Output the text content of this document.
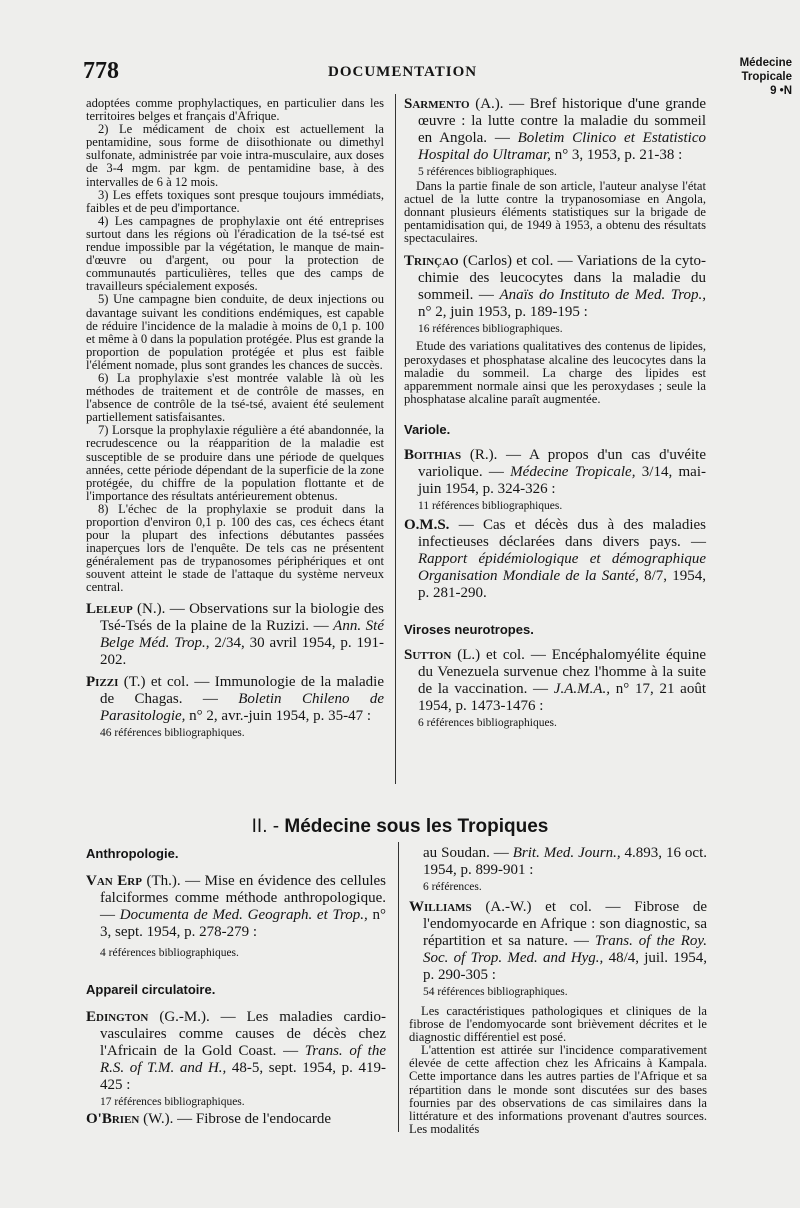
778	DOCUMENTATION
Médecine
Tropicale
9 •N

adoptées comme prophylactiques, en particulier dans les territoires belges et français d'Afrique.

2) Le médicament de choix est actuellement la pentamidine, sous forme de diisothionate ou dimethyl sulfonate, administrée par voie intra-musculaire, aux doses de 3-4 mgm. par kgm. de pentamidine base, à des intervalles de 6 à 12 mois.

3) Les effets toxiques sont presque toujours immédiats, faibles et de peu d'importance.

4) Les campagnes de prophylaxie ont été entreprises surtout dans les régions où l'éradication de la tsé-tsé est rendue impossible par la végétation, le manque de main-d'œuvre ou d'argent, ou pour la protection de communautés particulières, telles que des camps de travailleurs spécialement exposés.

5) Une campagne bien conduite, de deux injections ou davantage suivant les conditions endémiques, est capable de réduire l'incidence de la maladie à moins de 0,1 p. 100 et même à 0 dans la population protégée. Plus est grande la proportion de population protégée et plus est faible l'élément nomade, plus sont grandes les chances de succès.

6) La prophylaxie s'est montrée valable là où les méthodes de traitement et de contrôle de masses, en l'absence de contrôle de la tsé-tsé, avaient été seulement partiellement satisfaisantes.

7) Lorsque la prophylaxie régulière a été abandonnée, la recrudescence ou la réapparition de la maladie est susceptible de se produire dans une période de quelques années, cette période dépendant de la superficie de la zone protégée, du chiffre de la population flottante et de l'importance des résultats antérieurement obtenus.

8) L'échec de la prophylaxie se produit dans la proportion d'environ 0,1 p. 100 des cas, ces échecs étant pour la plupart des infections débutantes passées inaperçues lors de l'enquête. De tels cas ne présentent généralement pas de trypanosomes périphériques et ont souvent atteint le stade de l'attaque du système nerveux central.

Leleup (N.). — Observations sur la biologie des Tsé-Tsés de la plaine de la Ruzizi. — Ann. Sté Belge Méd. Trop., 2/34, 30 avril 1954, p. 191-202.
Pizzi (T.) et col. — Immunologie de la maladie de Chagas. — Boletin Chileno de Parasitologie, n° 2, avr.-juin 1954, p. 35-47 :
46 références bibliographiques.
Sarmento (A.). — Bref historique d'une grande œuvre : la lutte contre la maladie du sommeil en Angola. — Boletim Clinico et Estatistico Hospital do Ultramar, n° 3, 1953, p. 21-38 :
5 références bibliographiques.

Dans la partie finale de son article, l'auteur analyse l'état actuel de la lutte contre la trypanosomiase en Angola, donnant plusieurs éléments statistiques sur la brigade de pentamidisation qui, de 1949 à 1953, a obtenu des résultats spectaculaires.

Trinçao (Carlos) et col. — Variations de la cyto-chimie des leucocytes dans la maladie du sommeil. — Anaïs do Instituto de Med. Trop., n° 2, juin 1953, p. 189-195 :
16 références bibliographiques.

Etude des variations qualitatives des contenus de lipides, peroxydases et phosphatase alcaline des leucocytes dans la maladie du sommeil. La charge des lipides est apparemment normale ainsi que les peroxydases ; seule la phosphatase alcaline paraît augmentée.

Variole.
Boithias (R.). — A propos d'un cas d'uvéite variolique. — Médecine Tropicale, 3/14, mai-juin 1954, p. 324-326 :
11 références bibliographiques.
O.M.S. — Cas et décès dus à des maladies infectieuses déclarées dans divers pays. — Rapport épidémiologique et démographique Organisation Mondiale de la Santé, 8/7, 1954, p. 281-290.
Viroses neurotropes.
Sutton (L.) et col. — Encéphalomyélite équine du Venezuela survenue chez l'homme à la suite de la vaccination. — J.A.M.A., n° 17, 21 août 1954, p. 1473-1476 :
6 références bibliographiques.
II. - Médecine sous les Tropiques
Anthropologie.
Van Erp (Th.). — Mise en évidence des cellules falciformes comme méthode anthropologique. — Documenta de Med. Geograph. et Trop., n° 3, sept. 1954, p. 278-279 :
4 références bibliographiques.
Appareil circulatoire.
Edington (G.-M.). — Les maladies cardio-vasculaires comme causes de décès chez l'Africain de la Gold Coast. — Trans. of the R.S. of T.M. and H., 48-5, sept. 1954, p. 419-425 :
17 références bibliographiques.
O'Brien (W.). — Fibrose de l'endocarde
au Soudan. — Brit. Med. Journ., 4.893, 16 oct. 1954, p. 899-901 :
6 références.
Williams (A.-W.) et col. — Fibrose de l'endomyocarde en Afrique : son diagnostic, sa répartition et sa nature. — Trans. of the Roy. Soc. of Trop. Med. and Hyg., 48/4, juil. 1954, p. 290-305 :
54 références bibliographiques.

Les caractéristiques pathologiques et cliniques de la fibrose de l'endomyocarde sont brièvement décrites et le diagnostic différentiel est posé.

L'attention est attirée sur l'incidence comparativement élevée de cette affection chez les Africains à Kampala. Cette importance dans les autres parties de l'Afrique et sa répartition dans le monde sont discutées sur des bases fournies par des observations de cas similaires dans la littérature et des informations provenant d'autres sources. Les modalités
